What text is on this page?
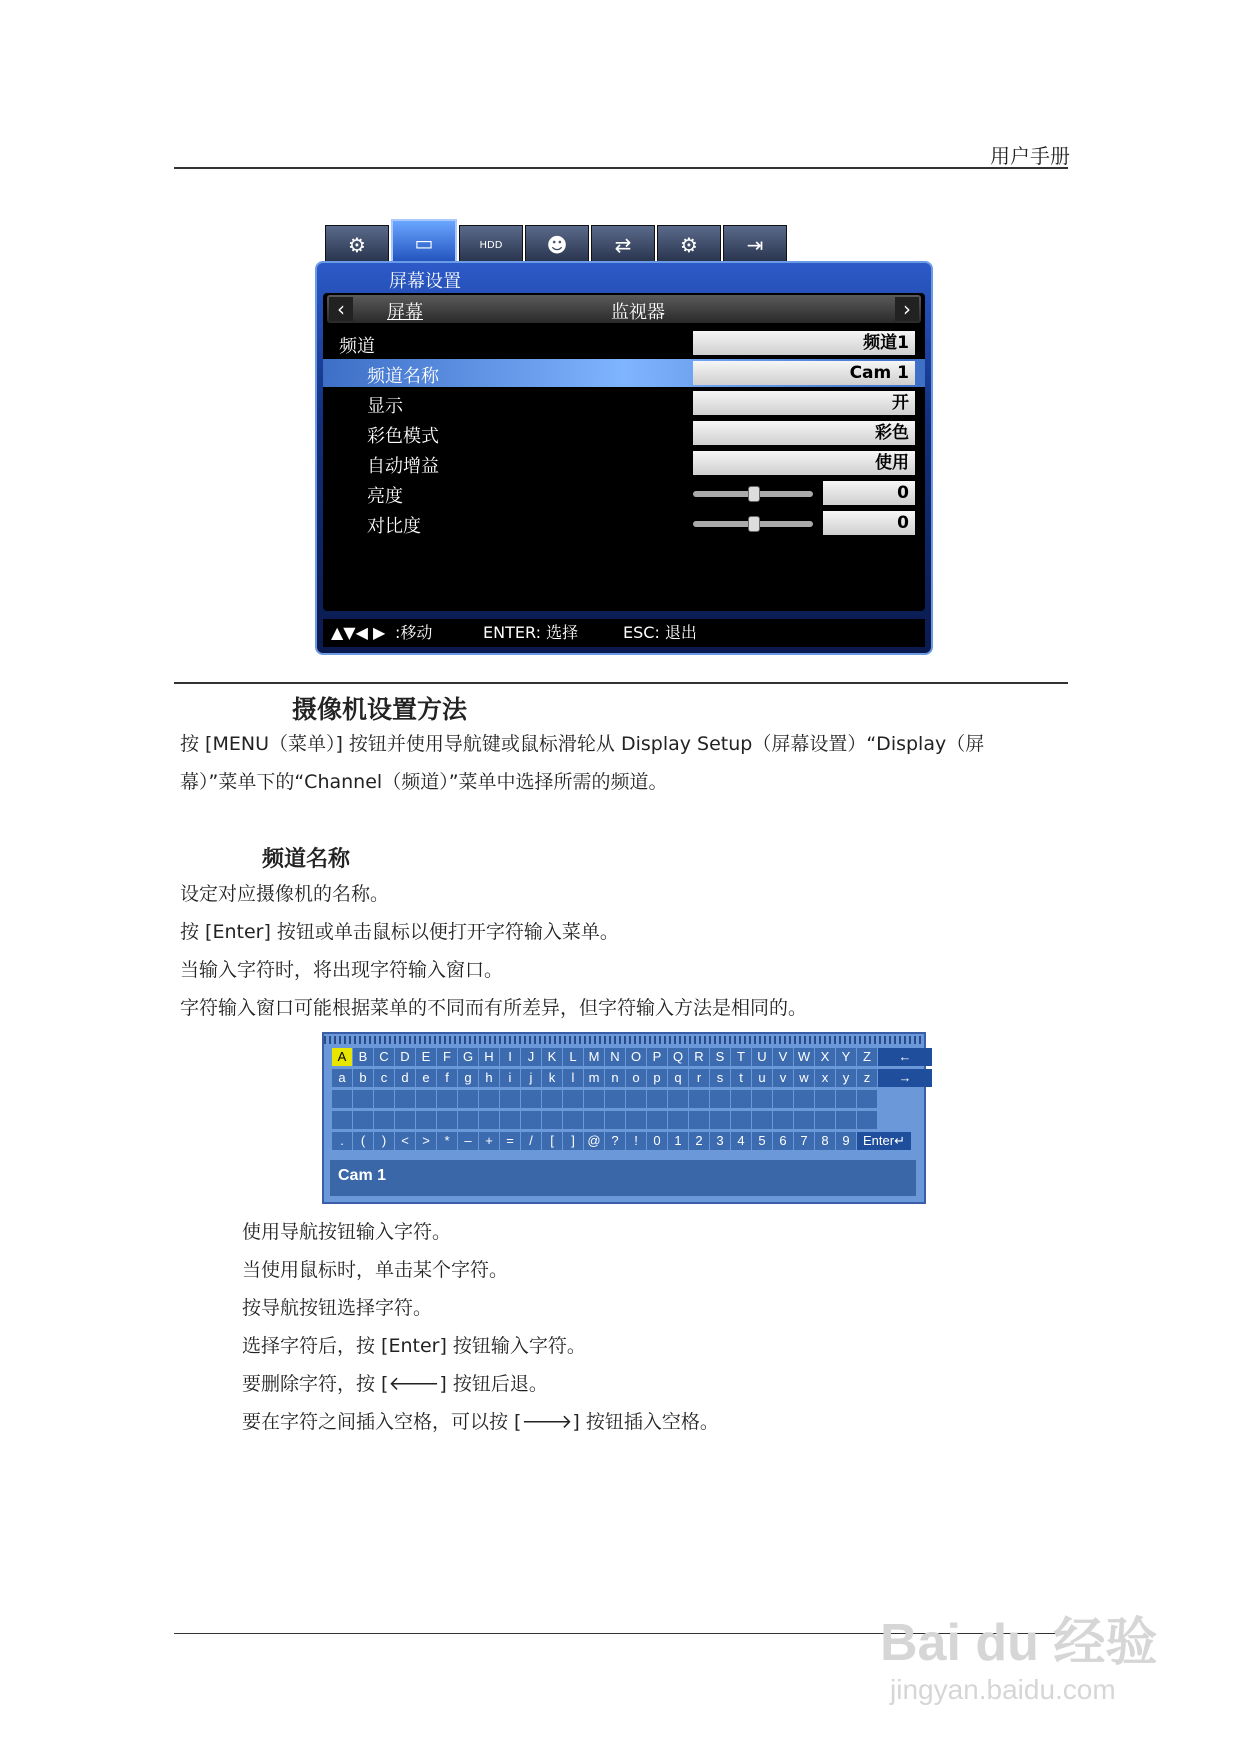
用户手册
⚙	▭	HDD	☻	⇄	⚙	⇥
屏幕设置
‹	屏幕	监视器	›
频道	频道1
频道名称	Cam 1
显示	开
彩色模式	彩色
自动增益	使用
亮度	0
对比度	0
▲▼◀ ▶ :移动	ENTER: 选择	ESC: 退出
摄像机设置方法
按 [MENU（菜单）] 按钮并使用导航键或鼠标滑轮从 Display Setup（屏幕设置）“Display（屏
幕）”菜单下的“Channel（频道）”菜单中选择所需的频道。
频道名称
设定对应摄像机的名称。
按 [Enter] 按钮或单击鼠标以便打开字符输入菜单。
当输入字符时，将出现字符输入窗口。
字符输入窗口可能根据菜单的不同而有所差异，但字符输入方法是相同的。
A B C D E F G H	I	J	K	L M N O P Q R S T U V W X Y Z	←
a	b	c	d	e	f	g	h	i	j	k	l	m n	o	p	q	r	s	t	u	v	w	x	y	z	→
.	(	)	<	>	*	–	+	=	/	[	] @ ?	!	0	1	2	3	4	5	6	7	8	9	Enter↵
Cam 1
使用导航按钮输入字符。
当使用鼠标时，单击某个字符。
按导航按钮选择字符。
选择字符后，按 [Enter] 按钮输入字符。
要删除字符，按 [🡐] 按钮后退。
要在字符之间插入空格，可以按 [🡒] 按钮插入空格。
Bai du 经验
jingyan.baidu.com
